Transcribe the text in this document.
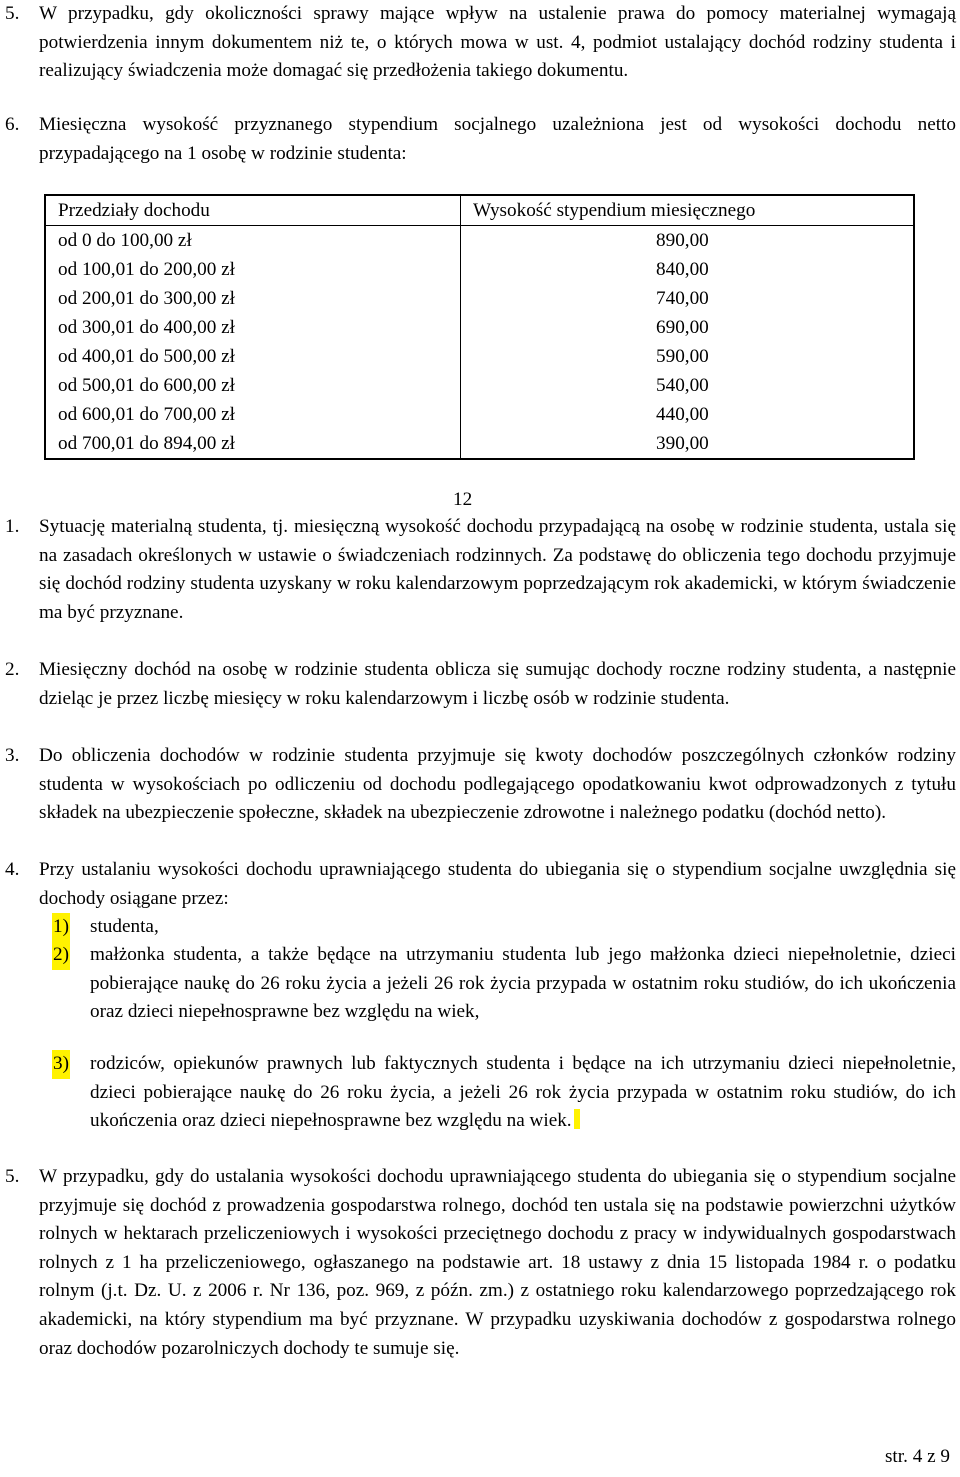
5. W przypadku, gdy okoliczności sprawy mające wpływ na ustalenie prawa do pomocy materialnej wymagają potwierdzenia innym dokumentem niż te, o których mowa w ust. 4, podmiot ustalający dochód rodziny studenta i realizujący świadczenia może domagać się przedłożenia takiego dokumentu.
6. Miesięczna wysokość przyznanego stypendium socjalnego uzależniona jest od wysokości dochodu netto przypadającego na 1 osobę w rodzinie studenta:
Przedziały dochodu	Wysokość stypendium miesięcznego
od 0 do 100,00 zł	890,00
od 100,01 do 200,00 zł	840,00
od 200,01 do 300,00 zł	740,00
od 300,01 do 400,00 zł	690,00
od 400,01 do 500,00 zł	590,00
od 500,01 do 600,00 zł	540,00
od 600,01 do 700,00 zł	440,00
od 700,01 do 894,00 zł	390,00
12
1. Sytuację materialną studenta, tj. miesięczną wysokość dochodu przypadającą na osobę w rodzinie studenta, ustala się na zasadach określonych w ustawie o świadczeniach rodzinnych. Za podstawę do obliczenia tego dochodu przyjmuje się dochód rodziny studenta uzyskany w roku kalendarzowym poprzedzającym rok akademicki, w którym świadczenie ma być przyznane.
2. Miesięczny dochód na osobę w rodzinie studenta oblicza się sumując dochody roczne rodziny studenta, a następnie dzieląc je przez liczbę miesięcy w roku kalendarzowym i liczbę osób w rodzinie studenta.
3. Do obliczenia dochodów w rodzinie studenta przyjmuje się kwoty dochodów poszczególnych członków rodziny studenta w wysokościach po odliczeniu od dochodu podlegającego opodatkowaniu kwot odprowadzonych z tytułu składek na ubezpieczenie społeczne, składek na ubezpieczenie zdrowotne i należnego podatku (dochód netto).
4. Przy ustalaniu wysokości dochodu uprawniającego studenta do ubiegania się o stypendium socjalne uwzględnia się dochody osiągane przez:
1) studenta,
2) małżonka studenta, a także będące na utrzymaniu studenta lub jego małżonka dzieci niepełnoletnie, dzieci pobierające naukę do 26 roku życia a jeżeli 26 rok życia przypada w ostatnim roku studiów, do ich ukończenia oraz dzieci niepełnosprawne bez względu na wiek,
3) rodziców, opiekunów prawnych lub faktycznych studenta i będące na ich utrzymaniu dzieci niepełnoletnie, dzieci pobierające naukę do 26 roku życia, a jeżeli 26 rok życia przypada w ostatnim roku studiów, do ich ukończenia oraz dzieci niepełnosprawne bez względu na wiek.
5. W przypadku, gdy do ustalania wysokości dochodu uprawniającego studenta do ubiegania się o stypendium socjalne przyjmuje się dochód z prowadzenia gospodarstwa rolnego, dochód ten ustala się na podstawie powierzchni użytków rolnych w hektarach przeliczeniowych i wysokości przeciętnego dochodu z pracy w indywidualnych gospodarstwach rolnych z 1 ha przeliczeniowego, ogłaszanego na podstawie art. 18 ustawy z dnia 15 listopada 1984 r. o podatku rolnym (j.t. Dz. U. z 2006 r. Nr 136, poz. 969, z późn. zm.) z ostatniego roku kalendarzowego poprzedzającego rok akademicki, na który stypendium ma być przyznane. W przypadku uzyskiwania dochodów z gospodarstwa rolnego oraz dochodów pozarolniczych dochody te sumuje się.
str. 4 z 9
